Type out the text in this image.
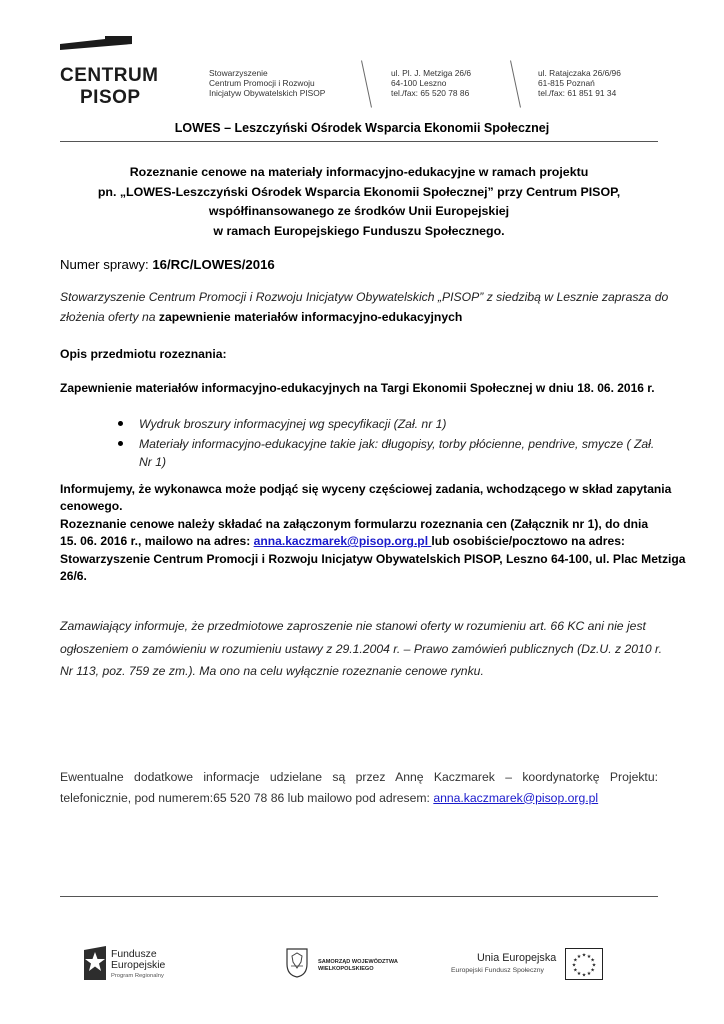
CENTRUM
PISOP
Stowarzyszenie
Centrum Promocji i Rozwoju
Inicjatyw Obywatelskich PISOP
ul. Pl. J. Metziga 26/6
64-100 Leszno
tel./fax: 65 520 78 86
ul. Ratajczaka 26/6/96
61-815 Poznań
tel./fax: 61 851 91 34
LOWES – Leszczyński Ośrodek Wsparcia Ekonomii Społecznej
Rozeznanie cenowe na materiały informacyjno-edukacyjne w ramach projektu
pn. „LOWES-Leszczyński Ośrodek Wsparcia Ekonomii Społecznej” przy Centrum PISOP,
współfinansowanego ze środków Unii Europejskiej
w ramach Europejskiego Funduszu Społecznego.
Numer sprawy: 16/RC/LOWES/2016
Stowarzyszenie Centrum Promocji i Rozwoju Inicjatyw Obywatelskich „PISOP” z siedzibą w Lesznie zaprasza do
złożenia oferty na zapewnienie materiałów informacyjno-edukacyjnych
Opis przedmiotu rozeznania:
Zapewnienie materiałów informacyjno-edukacyjnych na Targi Ekonomii Społecznej w dniu 18. 06. 2016 r.
Wydruk broszury informacyjnej wg specyfikacji (Zał. nr 1)
Materiały informacyjno-edukacyjne takie jak: długopisy, torby płócienne, pendrive, smycze ( Zał.
Nr 1)
Informujemy, że wykonawca może podjąć się wyceny częściowej zadania, wchodzącego w skład zapytania
cenowego.
Rozeznanie cenowe należy składać na załączonym formularzu rozeznania cen (Załącznik nr 1), do dnia
15. 06. 2016 r., mailowo na adres: anna.kaczmarek@pisop.org.pl lub osobiście/pocztowo na adres:
Stowarzyszenie Centrum Promocji i Rozwoju Inicjatyw Obywatelskich PISOP, Leszno 64-100, ul. Plac Metziga
26/6.
Zamawiający informuje, że przedmiotowe zaproszenie nie stanowi oferty w rozumieniu art. 66 KC ani nie jest
ogłoszeniem o zamówieniu w rozumieniu ustawy z 29.1.2004 r. – Prawo zamówień publicznych (Dz.U. z 2010 r.
Nr 113, poz. 759 ze zm.). Ma ono na celu wyłącznie rozeznanie cenowe rynku.
Ewentualne dodatkowe informacje udzielane są przez Annę Kaczmarek – koordynatorkę Projektu:
telefonicznie, pod numerem:65 520 78 86 lub mailowo pod adresem: anna.kaczmarek@pisop.org.pl
Fundusze
Europejskie
Program Regionalny
SAMORZĄD WOJEWÓDZTWA
WIELKOPOLSKIEGO
Unia Europejska
Europejski Fundusz Społeczny
★
★
★
★
★
★
★
★
★ ★ ★
★
